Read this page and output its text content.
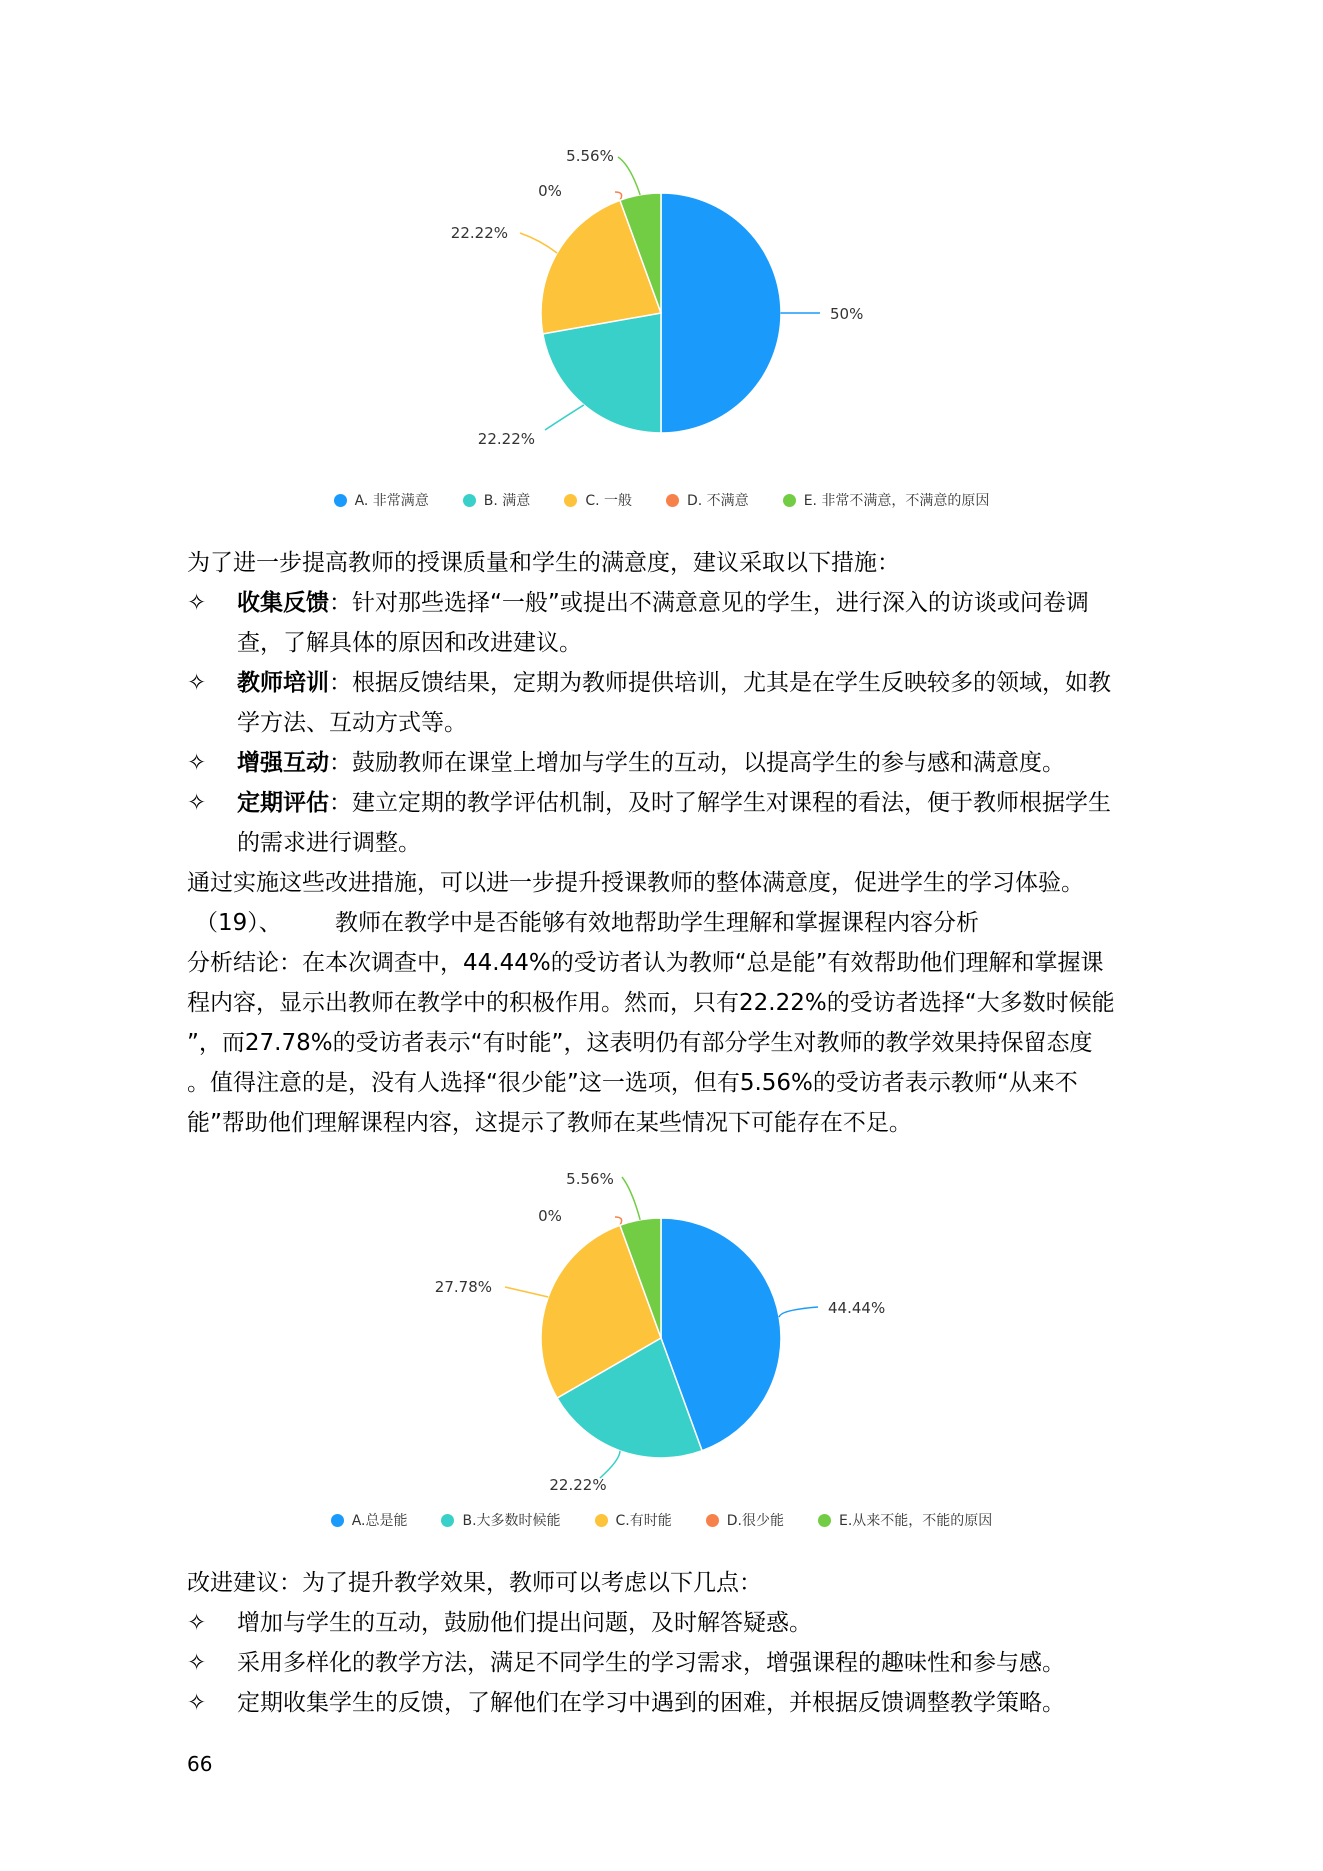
50%
22.22%
22.22%
0%
5.56%
A. 非常满意	B. 满意	C. 一般	D. 不满意	E. 非常不满意，不满意的原因
为了进一步提高教师的授课质量和学生的满意度，建议采取以下措施：
✧	收集反馈：针对那些选择“一般”或提出不满意意见的学生，进行深入的访谈或问卷调
查，了解具体的原因和改进建议。
✧	教师培训：根据反馈结果，定期为教师提供培训，尤其是在学生反映较多的领域，如教
学方法、互动方式等。
✧	增强互动：鼓励教师在课堂上增加与学生的互动，以提高学生的参与感和满意度。
✧	定期评估：建立定期的教学评估机制，及时了解学生对课程的看法，便于教师根据学生
的需求进行调整。
通过实施这些改进措施，可以进一步提升授课教师的整体满意度，促进学生的学习体验。
（19）、 教师在教学中是否能够有效地帮助学生理解和掌握课程内容分析
分析结论：在本次调查中，44.44%的受访者认为教师“总是能”有效帮助他们理解和掌握课
程内容，显示出教师在教学中的积极作用。然而，只有22.22%的受访者选择“大多数时候能
”，而27.78%的受访者表示“有时能”，这表明仍有部分学生对教师的教学效果持保留态度
。值得注意的是，没有人选择“很少能”这一选项，但有5.56%的受访者表示教师“从来不
能”帮助他们理解课程内容，这提示了教师在某些情况下可能存在不足。
44.44%
22.22%
27.78%
0%
5.56%
A.总是能	B.大多数时候能	C.有时能	D.很少能	E.从来不能，不能的原因
改进建议：为了提升教学效果，教师可以考虑以下几点：
✧	增加与学生的互动，鼓励他们提出问题，及时解答疑惑。
✧	采用多样化的教学方法，满足不同学生的学习需求，增强课程的趣味性和参与感。
✧	定期收集学生的反馈，了解他们在学习中遇到的困难，并根据反馈调整教学策略。
66
